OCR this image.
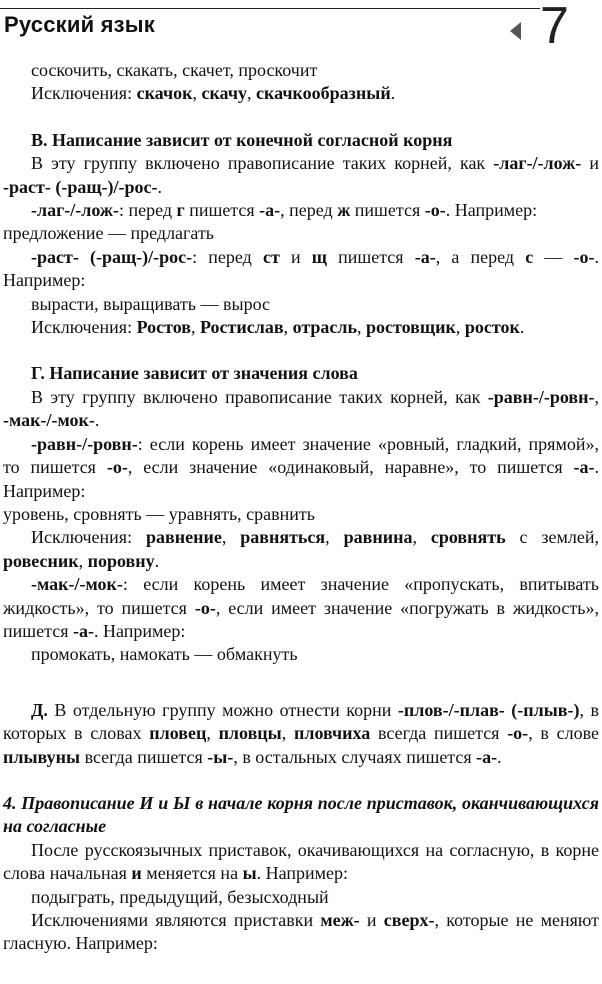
Русский язык	7

соскочить, скакать, скачет, проскочит

Исключения: скачок, скачу, скачкообразный.

В. Написание зависит от конечной согласной корня

В эту группу включено правописание таких корней, как -лаг-/-лож- и -раст- (-ращ-)/-рос-.

-лаг-/-лож-: перед г пишется -а-, перед ж пишется -о-. Например:

предложение — предлагать

-раст- (-ращ-)/-рос-: перед ст и щ пишется -а-, а перед с — -о-. Например:

вырасти, выращивать — вырос

Исключения: Ростов, Ростислав, отрасль, ростовщик, росток.

Г. Написание зависит от значения слова

В эту группу включено правописание таких корней, как -равн-/-ровн-, -мак-/-мок-.

-равн-/-ровн-: если корень имеет значение «ровный, гладкий, прямой», то пишется -о-, если значение «одинаковый, наравне», то пишется -а-. Например:

уровень, сровнять — уравнять, сравнить

Исключения: равнение, равняться, равнина, сровнять с землей, ровесник, поровну.

-мак-/-мок-: если корень имеет значение «пропускать, впитывать жидкость», то пишется -о-, если имеет значение «погружать в жидкость», пишется -а-. Например:

промокать, намокать — обмакнуть

Д. В отдельную группу можно отнести корни -плов-/-плав- (-плыв-), в которых в словах пловец, пловцы, пловчиха всегда пишется -о-, в слове плывуны всегда пишется -ы-, в остальных случаях пишется -а-.

4. Правописание И и Ы в начале корня после приставок, оканчивающихся на согласные

После русскоязычных приставок, окачивающихся на согласную, в корне слова начальная и меняется на ы. Например:

подыграть, предыдущий, безысходный

Исключениями являются приставки меж- и сверх-, которые не меняют гласную. Например:
